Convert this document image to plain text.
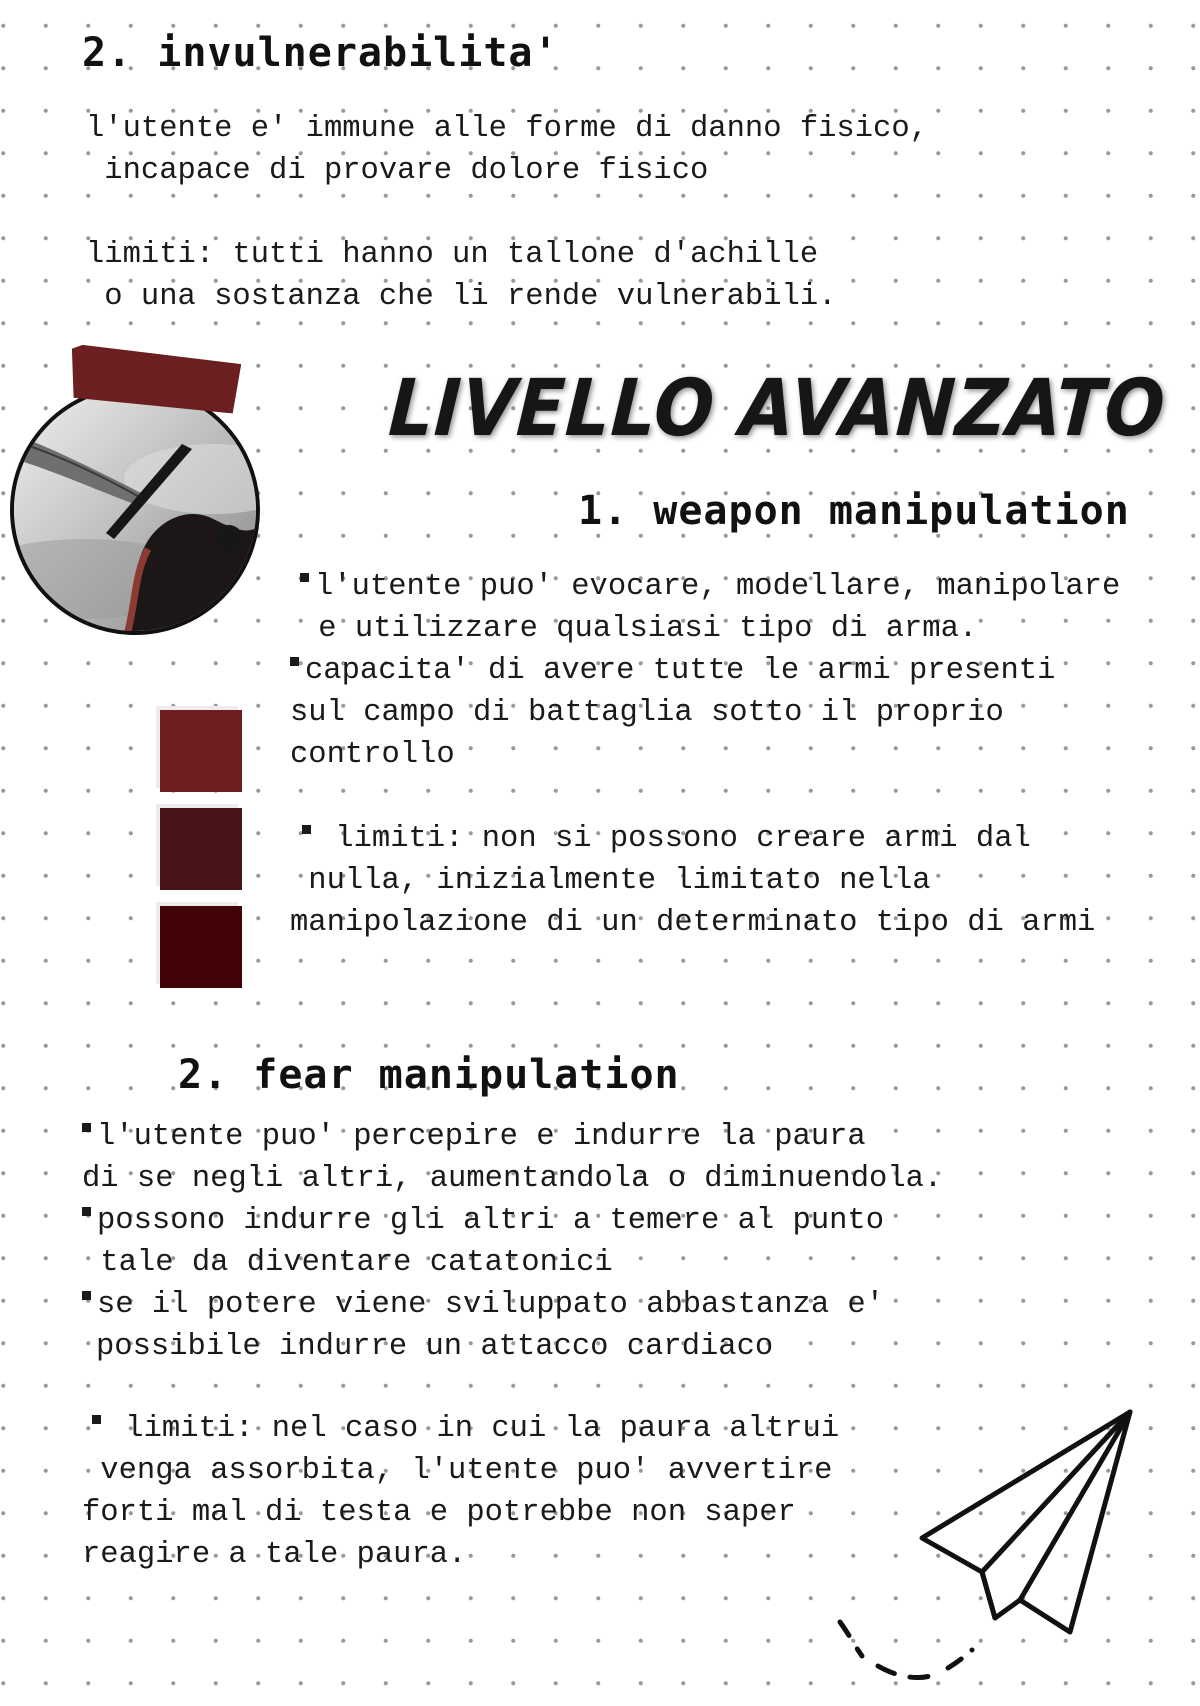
2. invulnerabilita'
l'utente e' immune alle forme di danno fisico,
incapace di provare dolore fisico
limiti: tutti hanno un tallone d'achille
o una sostanza che li rende vulnerabili.
LIVELLO AVANZATO
1. weapon manipulation
l'utente puo' evocare, modellare, manipolare
e utilizzare qualsiasi tipo di arma.
capacita' di avere tutte le armi presenti
sul campo di battaglia sotto il proprio
controllo
limiti: non si possono creare armi dal
nulla, inizialmente limitato nella
manipolazione di un determinato tipo di armi
2. fear manipulation
l'utente puo' percepire e indurre la paura
di se negli altri, aumentandola o diminuendola.
possono indurre gli altri a temere al punto
tale da diventare catatonici
se il potere viene sviluppato abbastanza e'
possibile indurre un attacco cardiaco
limiti: nel caso in cui la paura altrui
venga assorbita, l'utente puo' avvertire
forti mal di testa e potrebbe non saper
reagire a tale paura.
